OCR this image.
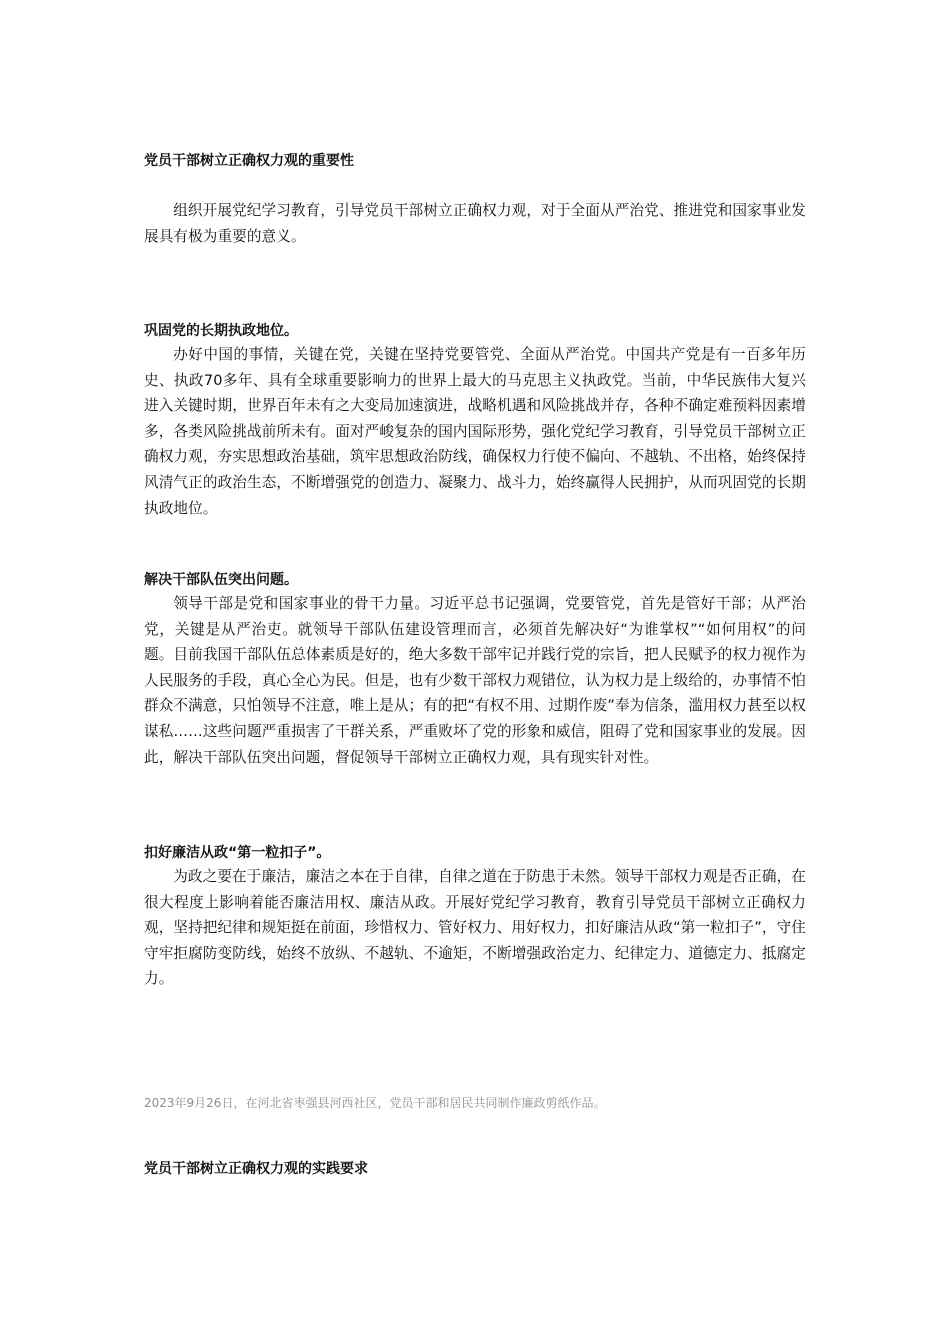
党员干部树立正确权力观的重要性

组织开展党纪学习教育，引导党员干部树立正确权力观，对于全面从严治党、推进党和国家事业发展具有极为重要的意义。

巩固党的长期执政地位。

办好中国的事情，关键在党，关键在坚持党要管党、全面从严治党。中国共产党是有一百多年历史、执政70多年、具有全球重要影响力的世界上最大的马克思主义执政党。当前，中华民族伟大复兴进入关键时期，世界百年未有之大变局加速演进，战略机遇和风险挑战并存，各种不确定难预料因素增多，各类风险挑战前所未有。面对严峻复杂的国内国际形势，强化党纪学习教育，引导党员干部树立正确权力观，夯实思想政治基础，筑牢思想政治防线，确保权力行使不偏向、不越轨、不出格，始终保持风清气正的政治生态，不断增强党的创造力、凝聚力、战斗力，始终赢得人民拥护，从而巩固党的长期执政地位。

解决干部队伍突出问题。

领导干部是党和国家事业的骨干力量。习近平总书记强调，党要管党，首先是管好干部；从严治党，关键是从严治吏。就领导干部队伍建设管理而言，必须首先解决好“为谁掌权”“如何用权”的问题。目前我国干部队伍总体素质是好的，绝大多数干部牢记并践行党的宗旨，把人民赋予的权力视作为人民服务的手段，真心全心为民。但是，也有少数干部权力观错位，认为权力是上级给的，办事情不怕群众不满意，只怕领导不注意，唯上是从；有的把“有权不用、过期作废”奉为信条，滥用权力甚至以权谋私……这些问题严重损害了干群关系，严重败坏了党的形象和威信，阻碍了党和国家事业的发展。因此，解决干部队伍突出问题，督促领导干部树立正确权力观，具有现实针对性。

扣好廉洁从政“第一粒扣子”。

为政之要在于廉洁，廉洁之本在于自律，自律之道在于防患于未然。领导干部权力观是否正确，在很大程度上影响着能否廉洁用权、廉洁从政。开展好党纪学习教育，教育引导党员干部树立正确权力观，坚持把纪律和规矩挺在前面，珍惜权力、管好权力、用好权力，扣好廉洁从政“第一粒扣子”，守住守牢拒腐防变防线，始终不放纵、不越轨、不逾矩，不断增强政治定力、纪律定力、道德定力、抵腐定力。

2023年9月26日，在河北省枣强县河西社区，党员干部和居民共同制作廉政剪纸作品。

党员干部树立正确权力观的实践要求
